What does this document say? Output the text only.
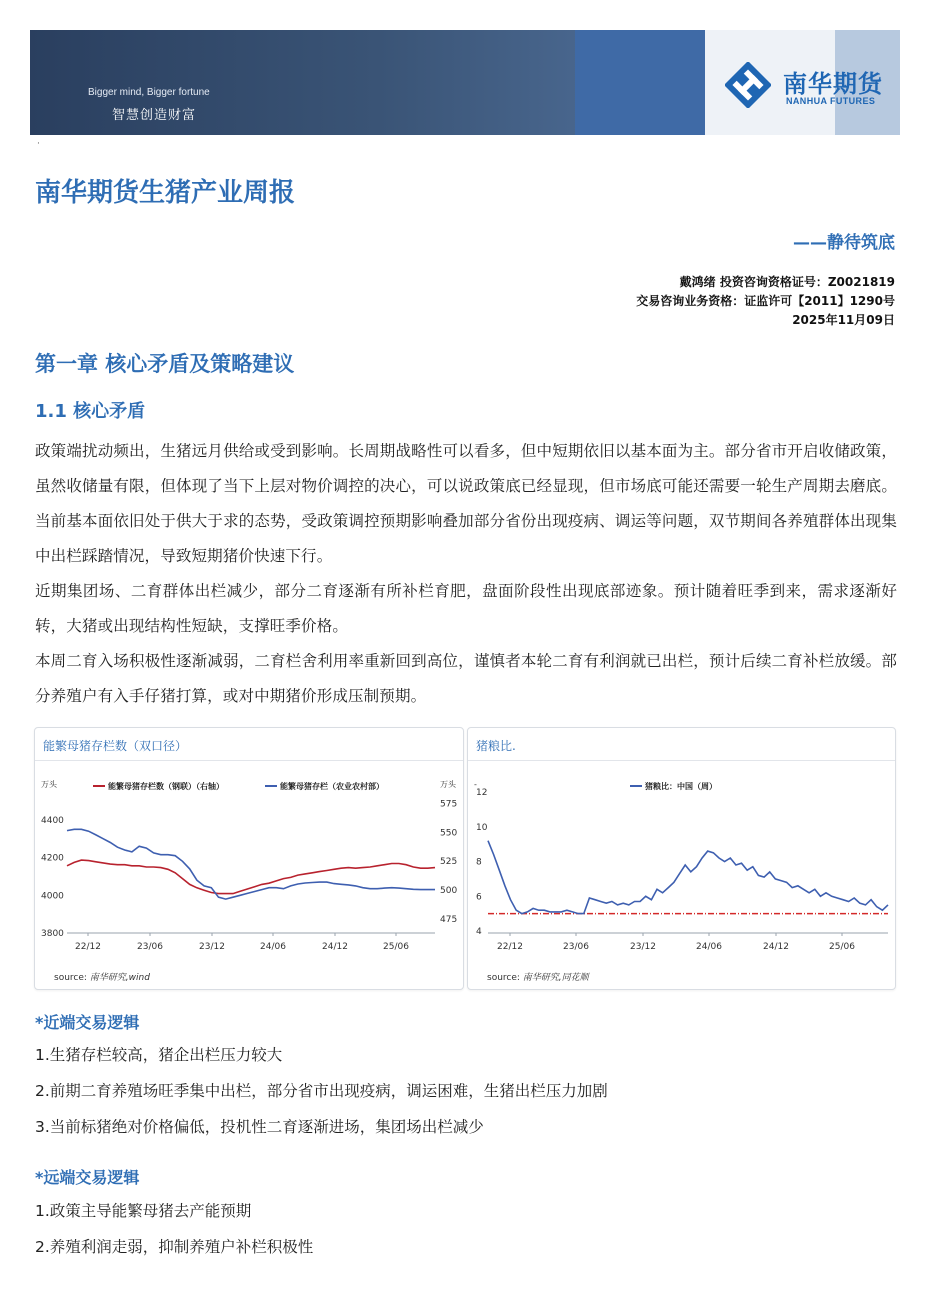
Bigger mind, Bigger fortune
智慧创造财富
南华期货
NANHUA FUTURES
·
南华期货生猪产业周报
——静待筑底
戴鸿绪 投资咨询资格证号：Z0021819
交易咨询业务资格：证监许可【2011】1290号
2025年11月09日
第一章 核心矛盾及策略建议
1.1 核心矛盾

政策端扰动频出，生猪远月供给或受到影响。长周期战略性可以看多，但中短期依旧以基本面为主。部分省市开启收储政策，虽然收储量有限，但体现了当下上层对物价调控的决心，可以说政策底已经显现，但市场底可能还需要一轮生产周期去磨底。当前基本面依旧处于供大于求的态势，受政策调控预期影响叠加部分省份出现疫病、调运等问题，双节期间各养殖群体出现集中出栏踩踏情况，导致短期猪价快速下行。

近期集团场、二育群体出栏减少，部分二育逐渐有所补栏育肥，盘面阶段性出现底部迹象。预计随着旺季到来，需求逐渐好转，大猪或出现结构性短缺，支撑旺季价格。

本周二育入场积极性逐渐减弱，二育栏舍利用率重新回到高位，谨慎者本轮二育有利润就已出栏，预计后续二育补栏放缓。部分养殖户有入手仔猪打算，或对中期猪价形成压制预期。

能繁母猪存栏数（双口径）
万头	万头
3800
4000
4200
4400
475
500
525
550
575
22/12	23/06	23/12	24/06	24/12	25/06
能繁母猪存栏数（钢联）（右轴）	能繁母猪存栏（农业农村部）
source: 南华研究,wind
猪粮比.
-
4
6
8
10
12
22/12	23/06	23/12	24/06	24/12	25/06
猪粮比：中国（周）
source: 南华研究,同花顺
*近端交易逻辑
1.生猪存栏较高，猪企出栏压力较大
2.前期二育养殖场旺季集中出栏，部分省市出现疫病，调运困难，生猪出栏压力加剧
3.当前标猪绝对价格偏低，投机性二育逐渐进场，集团场出栏减少
*远端交易逻辑
1.政策主导能繁母猪去产能预期
2.养殖利润走弱，抑制养殖户补栏积极性
